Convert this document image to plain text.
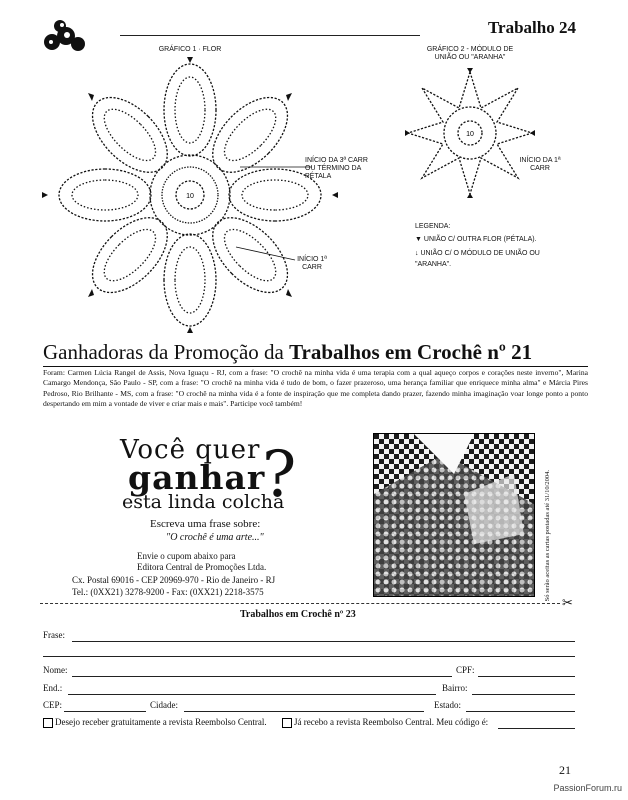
Trabalho 24
GRÁFICO 1 · FLOR
10
INÍCIO DA 3ª CARR OU TÉRMINO DA PÉTALA
INÍCIO 1ª CARR
GRÁFICO 2 - MÓDULO DE UNIÃO OU "ARANHA"
10
INÍCIO DA 1ª CARR
LEGENDA:
▼ UNIÃO C/ OUTRA FLOR (PÉTALA).
↓ UNIÃO C/ O MÓDULO DE UNIÃO OU "ARANHA".
Ganhadoras da Promoção da Trabalhos em Crochê nº 21
Foram: Carmen Lúcia Rangel de Assis, Nova Iguaçu - RJ, com a frase: "O crochê na minha vida é uma terapia com a qual aqueço corpos e corações neste inverno", Marina Camargo Mendonça, São Paulo - SP, com a frase: "O crochê na minha vida é tudo de bom, o fazer prazeroso, uma herança familiar que enriquece minha alma" e Márcia Pires Pedroso, Rio Brilhante - MS, com a frase: "O crochê na minha vida é a fonte de inspiração que me completa dando prazer, fazendo minha imaginação voar longe ponto a ponto despertando em mim a vontade de viver e criar mais e mais". Participe você também!
Você quer
ganhar
esta linda colcha
?
Escreva uma frase sobre:
"O crochê é uma arte..."
Envie o cupom abaixo para
Editora Central de Promoções Ltda.
Cx. Postal 69016 - CEP 20969-970 - Rio de Janeiro - RJ
Tel.: (0XX21) 3278-9200 - Fax: (0XX21) 2218-3575	Só serão aceitas as cartas postadas até 31/10/2004.
✂
Trabalhos em Crochê nº 23
Frase:
Nome:	CPF:
End.:	Bairro:
CEP:	Cidade:	Estado:
Desejo receber gratuitamente a revista Reembolso Central.	Já recebo a revista Reembolso Central. Meu código é:
21
PassionForum.ru
